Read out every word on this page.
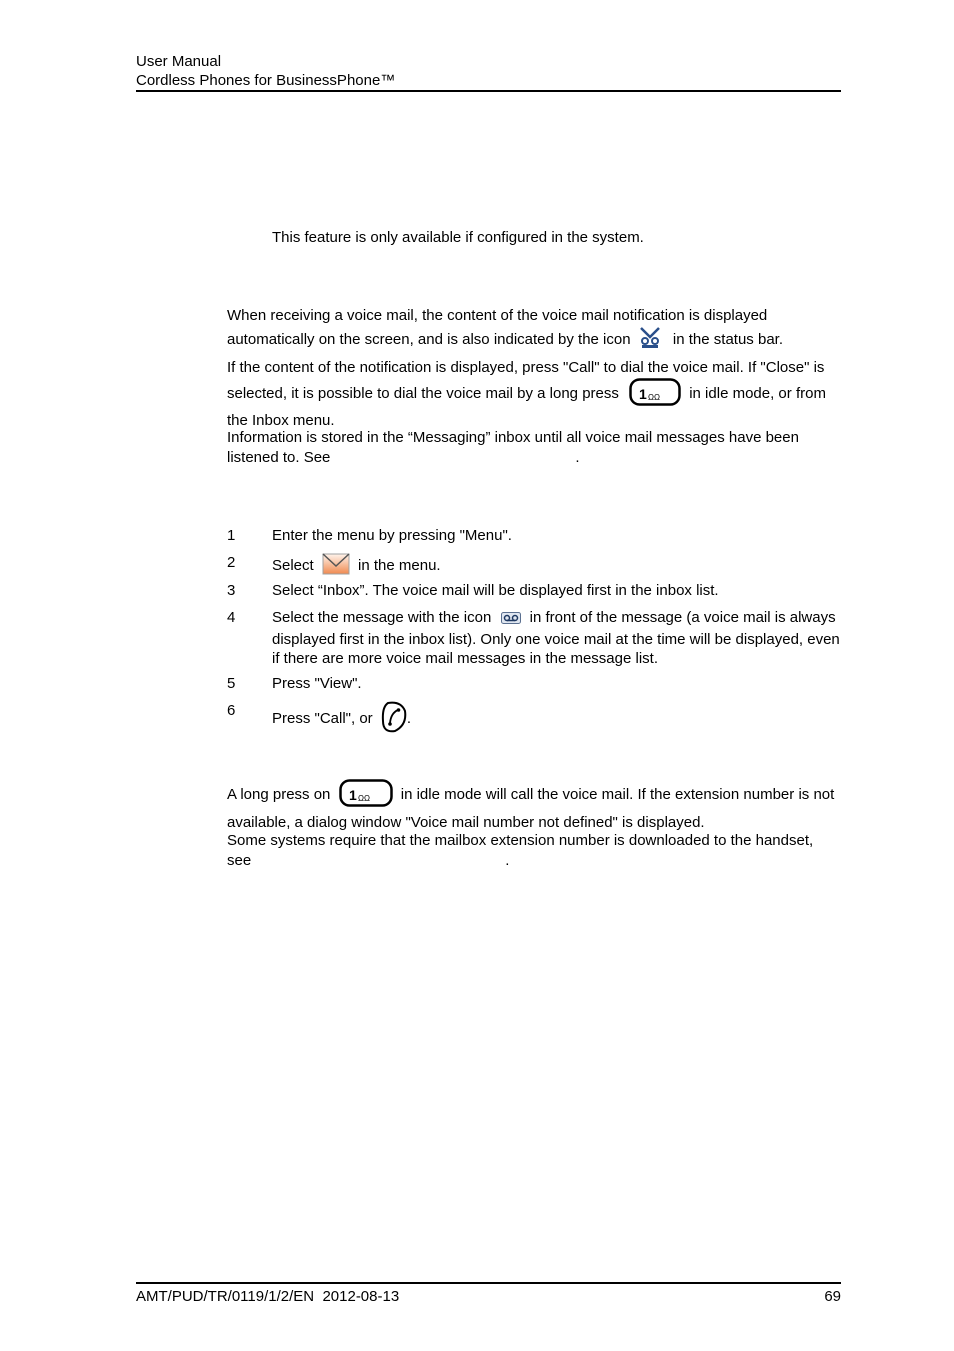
User Manual
Cordless Phones for BusinessPhone™
This feature is only available if configured in the system.
When receiving a voice mail, the content of the voice mail notification is displayed automatically on the screen, and is also indicated by the icon	in the status bar.
If the content of the notification is displayed, press "Call" to dial the voice mail. If "Close" is selected, it is possible to dial the voice mail by a long press 1 ΩΩ in idle mode, or from the Inbox menu.
Information is stored in the “Messaging” inbox until all voice mail messages have been listened to. See	.
1 Enter the menu by pressing "Menu".
2 Select	in the menu.
3 Select “Inbox”. The voice mail will be displayed first in the inbox list.
4 Select the message with the icon	in front of the message (a voice mail is always displayed first in the inbox list). Only one voice mail at the time will be displayed, even if there are more voice mail messages in the message list.
5 Press "View".
6 Press "Call", or .
A long press on 1 ΩΩ in idle mode will call the voice mail. If the extension number is not available, a dialog window "Voice mail number not defined" is displayed.
Some systems require that the mailbox extension number is downloaded to the handset, see	.
AMT/PUD/TR/0119/1/2/EN  2012-08-13	69
